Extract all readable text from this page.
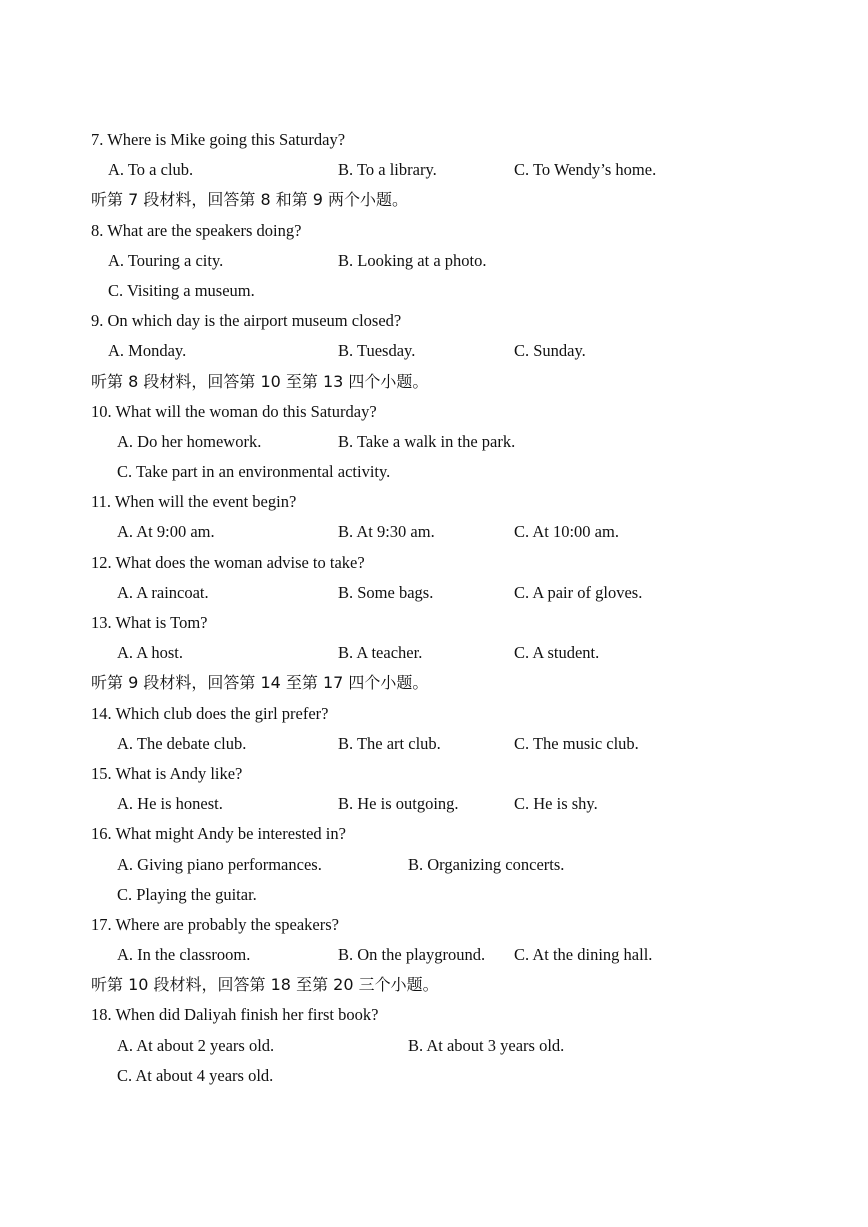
7. Where is Mike going this Saturday?
A. To a club.	B. To a library.	C. To Wendy’s home.
听第 7 段材料，回答第 8 和第 9 两个小题。
8. What are the speakers doing?
A. Touring a city.	B. Looking at a photo.
C. Visiting a museum.
9. On which day is the airport museum closed?
A. Monday.	B. Tuesday.	C. Sunday.
听第 8 段材料，回答第 10 至第 13 四个小题。
10. What will the woman do this Saturday?
A. Do her homework.	B. Take a walk in the park.
C. Take part in an environmental activity.
11. When will the event begin?
A. At 9:00 am.	B. At 9:30 am.	C. At 10:00 am.
12. What does the woman advise to take?
A. A raincoat.	B. Some bags.	C. A pair of gloves.
13. What is Tom?
A. A host.	B. A teacher.	C. A student.
听第 9 段材料，回答第 14 至第 17 四个小题。
14. Which club does the girl prefer?
A. The debate club.	B. The art club.	C. The music club.
15. What is Andy like?
A. He is honest.	B. He is outgoing.	C. He is shy.
16. What might Andy be interested in?
A. Giving piano performances.	B. Organizing concerts.
C. Playing the guitar.
17. Where are probably the speakers?
A. In the classroom.	B. On the playground. C. At the dining hall.
听第 10 段材料，回答第 18 至第 20 三个小题。
18. When did Daliyah finish her first book?
A. At about 2 years old.	B. At about 3 years old.
C. At about 4 years old.
